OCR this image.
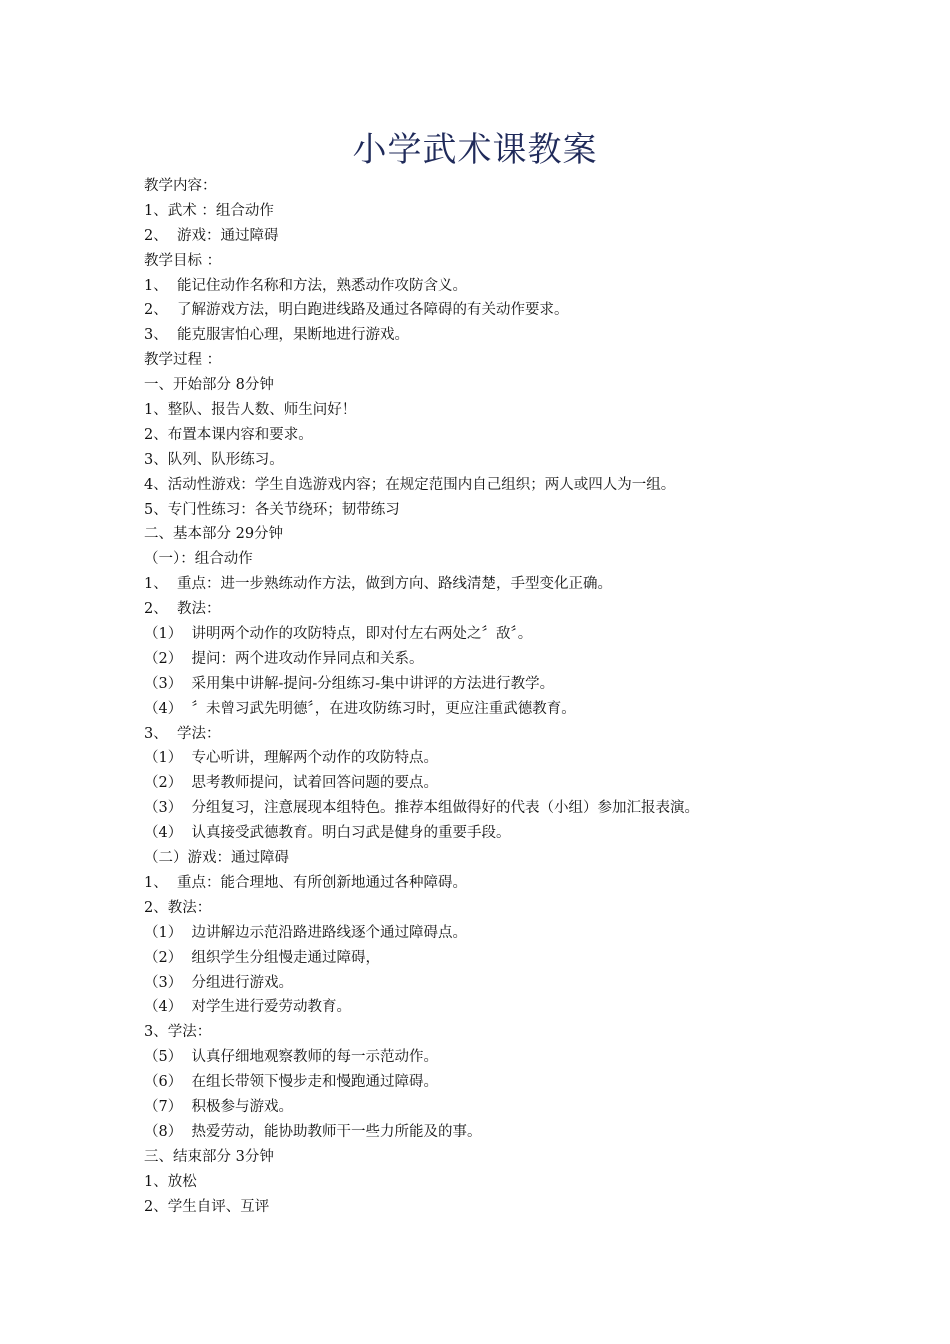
小学武术课教案
教学内容：
1、武术 ：组合动作
2、  游戏：通过障碍
教学目标 ：
1、  能记住动作名称和方法，熟悉动作攻防含义。
2、  了解游戏方法，明白跑进线路及通过各障碍的有关动作要求。
3、  能克服害怕心理，果断地进行游戏。
教学过程 ：
一、开始部分 8分钟
1、整队、报告人数、师生问好！
2、布置本课内容和要求。
3、队列、队形练习。
4、活动性游戏：学生自选游戏内容；在规定范围内自己组织；两人或四人为一组。
5、专门性练习：各关节绕环；韧带练习
二、基本部分 29分钟
（一）：组合动作
1、  重点：进一步熟练动作方法，做到方向、路线清楚，手型变化正确。
2、  教法：
（1）  讲明两个动作的攻防特点，即对付左右两处之〞敌〞。
（2）  提问：两个进攻动作异同点和关系。
（3）  采用集中讲解-提问-分组练习-集中讲评的方法进行教学。
（4）  〞未曾习武先明德〞，在进攻防练习时，更应注重武德教育。
3、  学法：
（1）  专心听讲，理解两个动作的攻防特点。
（2）  思考教师提问，试着回答问题的要点。
（3）  分组复习，注意展现本组特色。推荐本组做得好的代表（小组）参加汇报表演。
（4）  认真接受武德教育。明白习武是健身的重要手段。
（二）游戏：通过障碍
1、  重点：能合理地、有所创新地通过各种障碍。
2、教法：
（1）  边讲解边示范沿路进路线逐个通过障碍点。
（2）  组织学生分组慢走通过障碍，
（3）  分组进行游戏。
（4）  对学生进行爱劳动教育。
3、学法：
（5）  认真仔细地观察教师的每一示范动作。
（6）  在组长带领下慢步走和慢跑通过障碍。
（7）  积极参与游戏。
（8）  热爱劳动，能协助教师干一些力所能及的事。
三、结束部分 3分钟
1、放松
2、学生自评、互评
